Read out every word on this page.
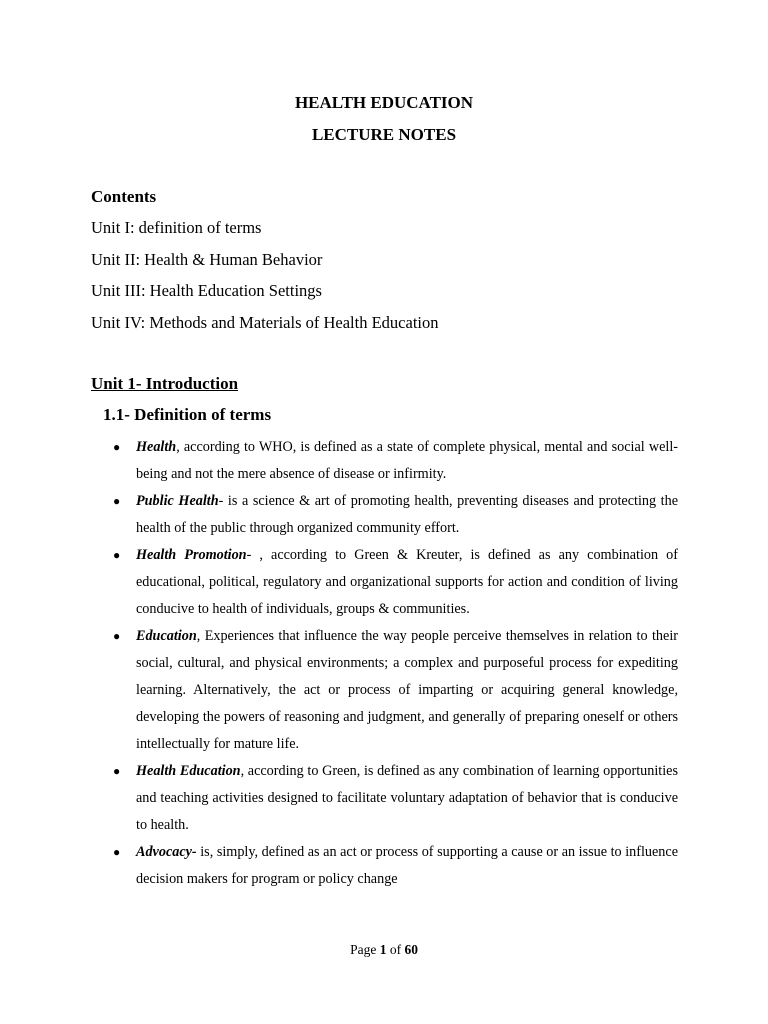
HEALTH EDUCATION
LECTURE NOTES
Contents
Unit I: definition of terms
Unit II: Health & Human Behavior
Unit III: Health Education Settings
Unit IV: Methods and Materials of Health Education
Unit 1- Introduction
1.1- Definition of terms
● Health, according to WHO, is defined as a state of complete physical, mental and social well-being and not the mere absence of disease or infirmity.
● Public Health- is a science & art of promoting health, preventing diseases and protecting the health of the public through organized community effort.
● Health Promotion- , according to Green & Kreuter, is defined as any combination of educational, political, regulatory and organizational supports for action and condition of living conducive to health of individuals, groups & communities.
● Education, Experiences that influence the way people perceive themselves in relation to their social, cultural, and physical environments; a complex and purposeful process for expediting learning. Alternatively, the act or process of imparting or acquiring general knowledge, developing the powers of reasoning and judgment, and generally of preparing oneself or others intellectually for mature life.
● Health Education, according to Green, is defined as any combination of learning opportunities and teaching activities designed to facilitate voluntary adaptation of behavior that is conducive to health.
● Advocacy- is, simply, defined as an act or process of supporting a cause or an issue to influence decision makers for program or policy change
Page 1 of 60
